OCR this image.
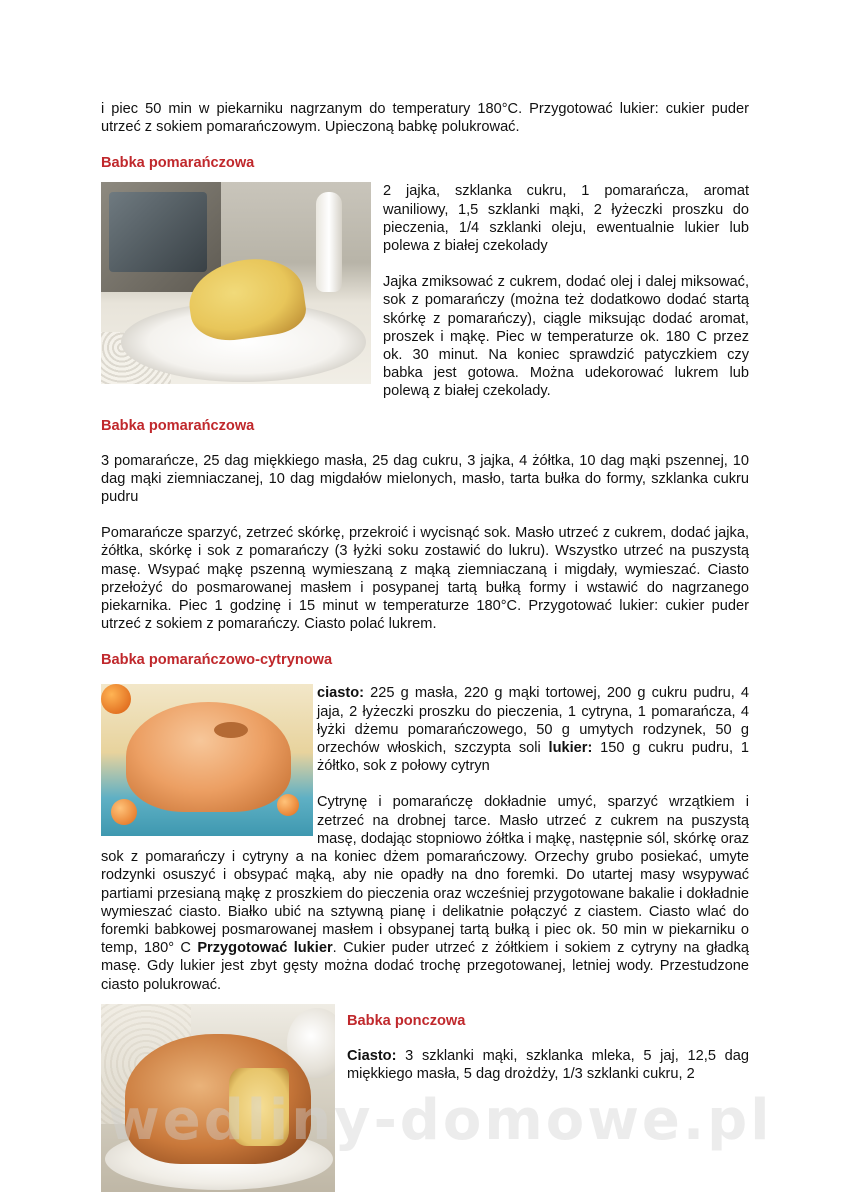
i piec 50 min w piekarniku nagrzanym do temperatury 180°C. Przygotować lukier: cukier puder utrzeć z sokiem pomarańczowym. Upieczoną babkę polukrować.

Babka pomarańczowa

2 jajka, szklanka cukru, 1 pomarańcza, aromat waniliowy, 1,5 szklanki mąki, 2 łyżeczki proszku do pieczenia, 1/4 szklanki oleju, ewentualnie lukier lub polewa z białej czekolady

Jajka zmiksować z cukrem, dodać olej i dalej miksować, sok z pomarańczy (można też dodatkowo dodać startą skórkę z pomarańczy), ciągle miksując dodać aromat, proszek i mąkę. Piec w temperaturze ok. 180 C przez ok. 30 minut. Na koniec sprawdzić patyczkiem czy babka jest gotowa. Można udekorować lukrem lub polewą z białej czekolady.

Babka pomarańczowa

3 pomarańcze, 25 dag miękkiego masła, 25 dag cukru, 3 jajka, 4 żółtka, 10 dag mąki pszennej, 10 dag mąki ziemniaczanej, 10 dag migdałów mielonych, masło, tarta bułka do formy, szklanka cukru pudru

Pomarańcze sparzyć, zetrzeć skórkę, przekroić i wycisnąć sok. Masło utrzeć z cukrem, dodać jajka, żółtka, skórkę i sok z pomarańczy (3 łyżki soku zostawić do lukru). Wszystko utrzeć na puszystą masę. Wsypać mąkę pszenną wymieszaną z mąką ziemniaczaną i migdały, wymieszać. Ciasto przełożyć do posmarowanej masłem i posypanej tartą bułką formy i wstawić do nagrzanego piekarnika. Piec 1 godzinę i 15 minut w temperaturze 180°C. Przygotować lukier: cukier puder utrzeć z sokiem z pomarańczy. Ciasto polać lukrem.

Babka pomarańczowo-cytrynowa

ciasto: 225 g masła, 220 g mąki tortowej, 200 g cukru pudru, 4 jaja, 2 łyżeczki proszku do pieczenia, 1 cytryna, 1 pomarańcza, 4 łyżki dżemu pomarańczowego, 50 g umytych rodzynek, 50 g orzechów włoskich, szczypta soli lukier: 150 g cukru pudru, 1 żółtko, sok z połowy cytryn

Cytrynę i pomarańczę dokładnie umyć, sparzyć wrzątkiem i zetrzeć na drobnej tarce. Masło utrzeć z cukrem na puszystą masę, dodając stopniowo żółtka i mąkę, następnie sól, skórkę oraz sok z pomarańczy i cytryny a na koniec dżem pomarańczowy. Orzechy grubo posiekać, umyte rodzynki osuszyć i obsypać mąką, aby nie opadły na dno foremki. Do utartej masy wsypywać partiami przesianą mąkę z proszkiem do pieczenia oraz wcześniej przygotowane bakalie i dokładnie wymieszać ciasto. Białko ubić na sztywną pianę i delikatnie połączyć z ciastem. Ciasto wlać do foremki babkowej posmarowanej masłem i obsypanej tartą bułką i piec ok. 50 min w piekarniku o temp, 180° C Przygotować lukier. Cukier puder utrzeć z żółtkiem i sokiem z cytryny na gładką masę. Gdy lukier jest zbyt gęsty można dodać trochę przegotowanej, letniej wody. Przestudzone ciasto polukrować.

Babka ponczowa

Ciasto: 3 szklanki mąki, szklanka mleka, 5 jaj, 12,5 dag miękkiego masła, 5 dag drożdży, 1/3 szklanki cukru, 2

wedliny-domowe.pl
